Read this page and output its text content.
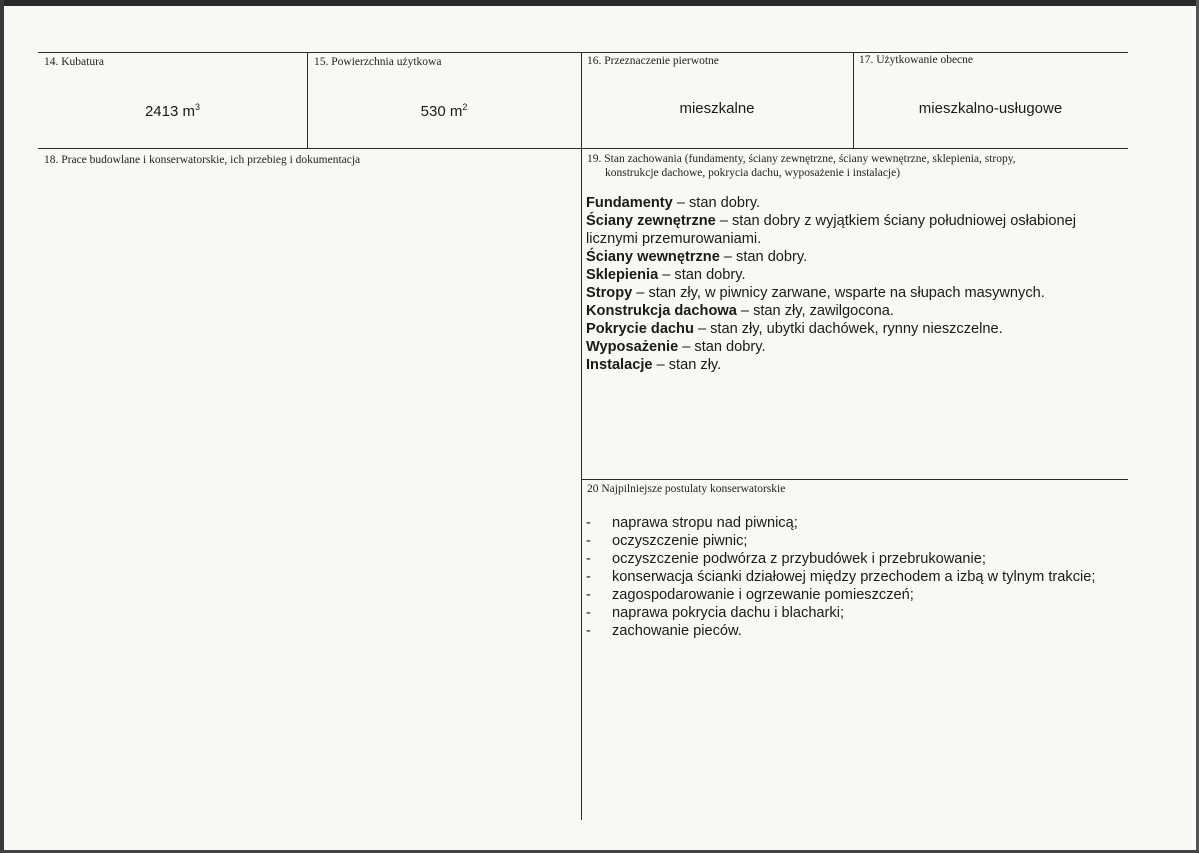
14. Kubatura
2413 $m^3$
15. Powierzchnia użytkowa
530 $m^2$
16. Przeznaczenie pierwotne
mieszkalne
17. Użytkowanie obecne
mieszkalno-usługowe
18. Prace budowlane i konserwatorskie, ich przebieg i dokumentacja	19. Stan zachowania (fundamenty, ściany zewnętrzne, ściany wewnętrzne, sklepienia, stropy,
konstrukcje dachowe, pokrycia dachu, wyposażenie i instalacje)

Fundamenty – stan dobry.

Ściany zewnętrzne – stan dobry z wyjątkiem ściany południowej osłabionej licznymi przemurowaniami.

Ściany wewnętrzne – stan dobry.

Sklepienia – stan dobry.

Stropy – stan zły, w piwnicy zarwane, wsparte na słupach masywnych.

Konstrukcja dachowa – stan zły, zawilgocona.

Pokrycie dachu – stan zły, ubytki dachówek, rynny nieszczelne.

Wyposażenie – stan dobry.

Instalacje – stan zły.

20 Najpilniejsze postulaty konserwatorskie
- naprawa stropu nad piwnicą;
- oczyszczenie piwnic;
- oczyszczenie podwórza z przybudówek i przebrukowanie;
- konserwacja ścianki działowej między przechodem a izbą w tylnym trakcie;
- zagospodarowanie i ogrzewanie pomieszczeń;
- naprawa pokrycia dachu i blacharki;
- zachowanie pieców.
